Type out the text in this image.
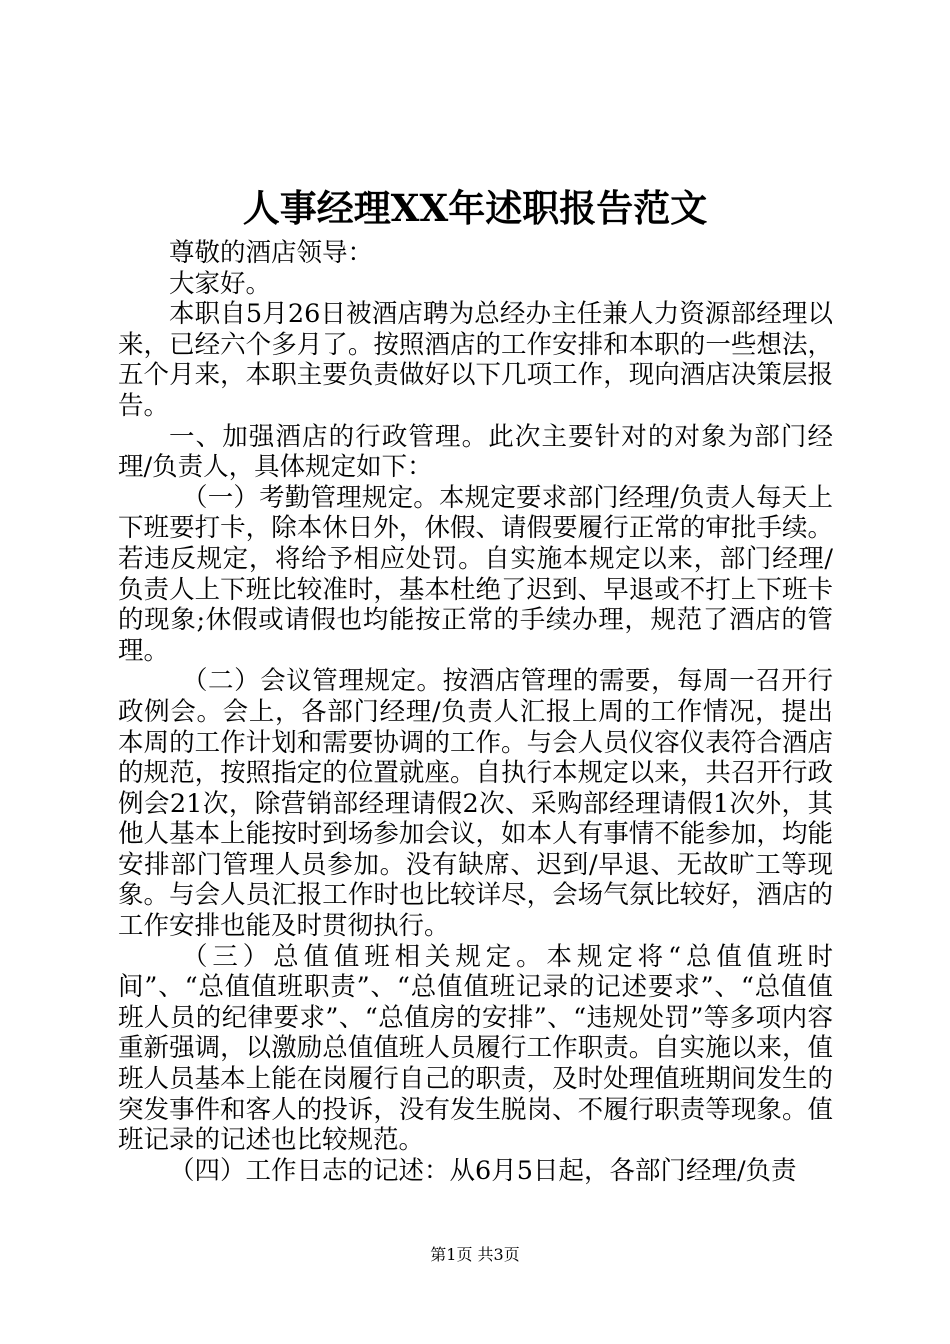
人事经理XX年述职报告范文

尊敬的酒店领导：

大家好。

本职自5月26日被酒店聘为总经办主任兼人力资源部经理以来，已经六个多月了。按照酒店的工作安排和本职的一些想法，五个月来，本职主要负责做好以下几项工作，现向酒店决策层报告。

一、加强酒店的行政管理。此次主要针对的对象为部门经理/负责人，具体规定如下：

（一）考勤管理规定。本规定要求部门经理/负责人每天上下班要打卡，除本休日外，休假、请假要履行正常的审批手续。若违反规定，将给予相应处罚。自实施本规定以来，部门经理/负责人上下班比较准时，基本杜绝了迟到、早退或不打上下班卡的现象;休假或请假也均能按正常的手续办理，规范了酒店的管理。

（二）会议管理规定。按酒店管理的需要，每周一召开行政例会。会上，各部门经理/负责人汇报上周的工作情况，提出本周的工作计划和需要协调的工作。与会人员仪容仪表符合酒店的规范，按照指定的位置就座。自执行本规定以来，共召开行政例会21次，除营销部经理请假2次、采购部经理请假1次外，其他人基本上能按时到场参加会议，如本人有事情不能参加，均能安排部门管理人员参加。没有缺席、迟到/早退、无故旷工等现象。与会人员汇报工作时也比较详尽，会场气氛比较好，酒店的工作安排也能及时贯彻执行。

（三）总值值班相关规定。本规定将“总值值班时间”、“总值值班职责”、“总值值班记录的记述要求”、“总值值班人员的纪律要求”、“总值房的安排”、“违规处罚”等多项内容重新强调，以激励总值值班人员履行工作职责。自实施以来，值班人员基本上能在岗履行自己的职责，及时处理值班期间发生的突发事件和客人的投诉，没有发生脱岗、不履行职责等现象。值班记录的记述也比较规范。

（四）工作日志的记述：从6月5日起，各部门经理/负责

第1页 共3页
